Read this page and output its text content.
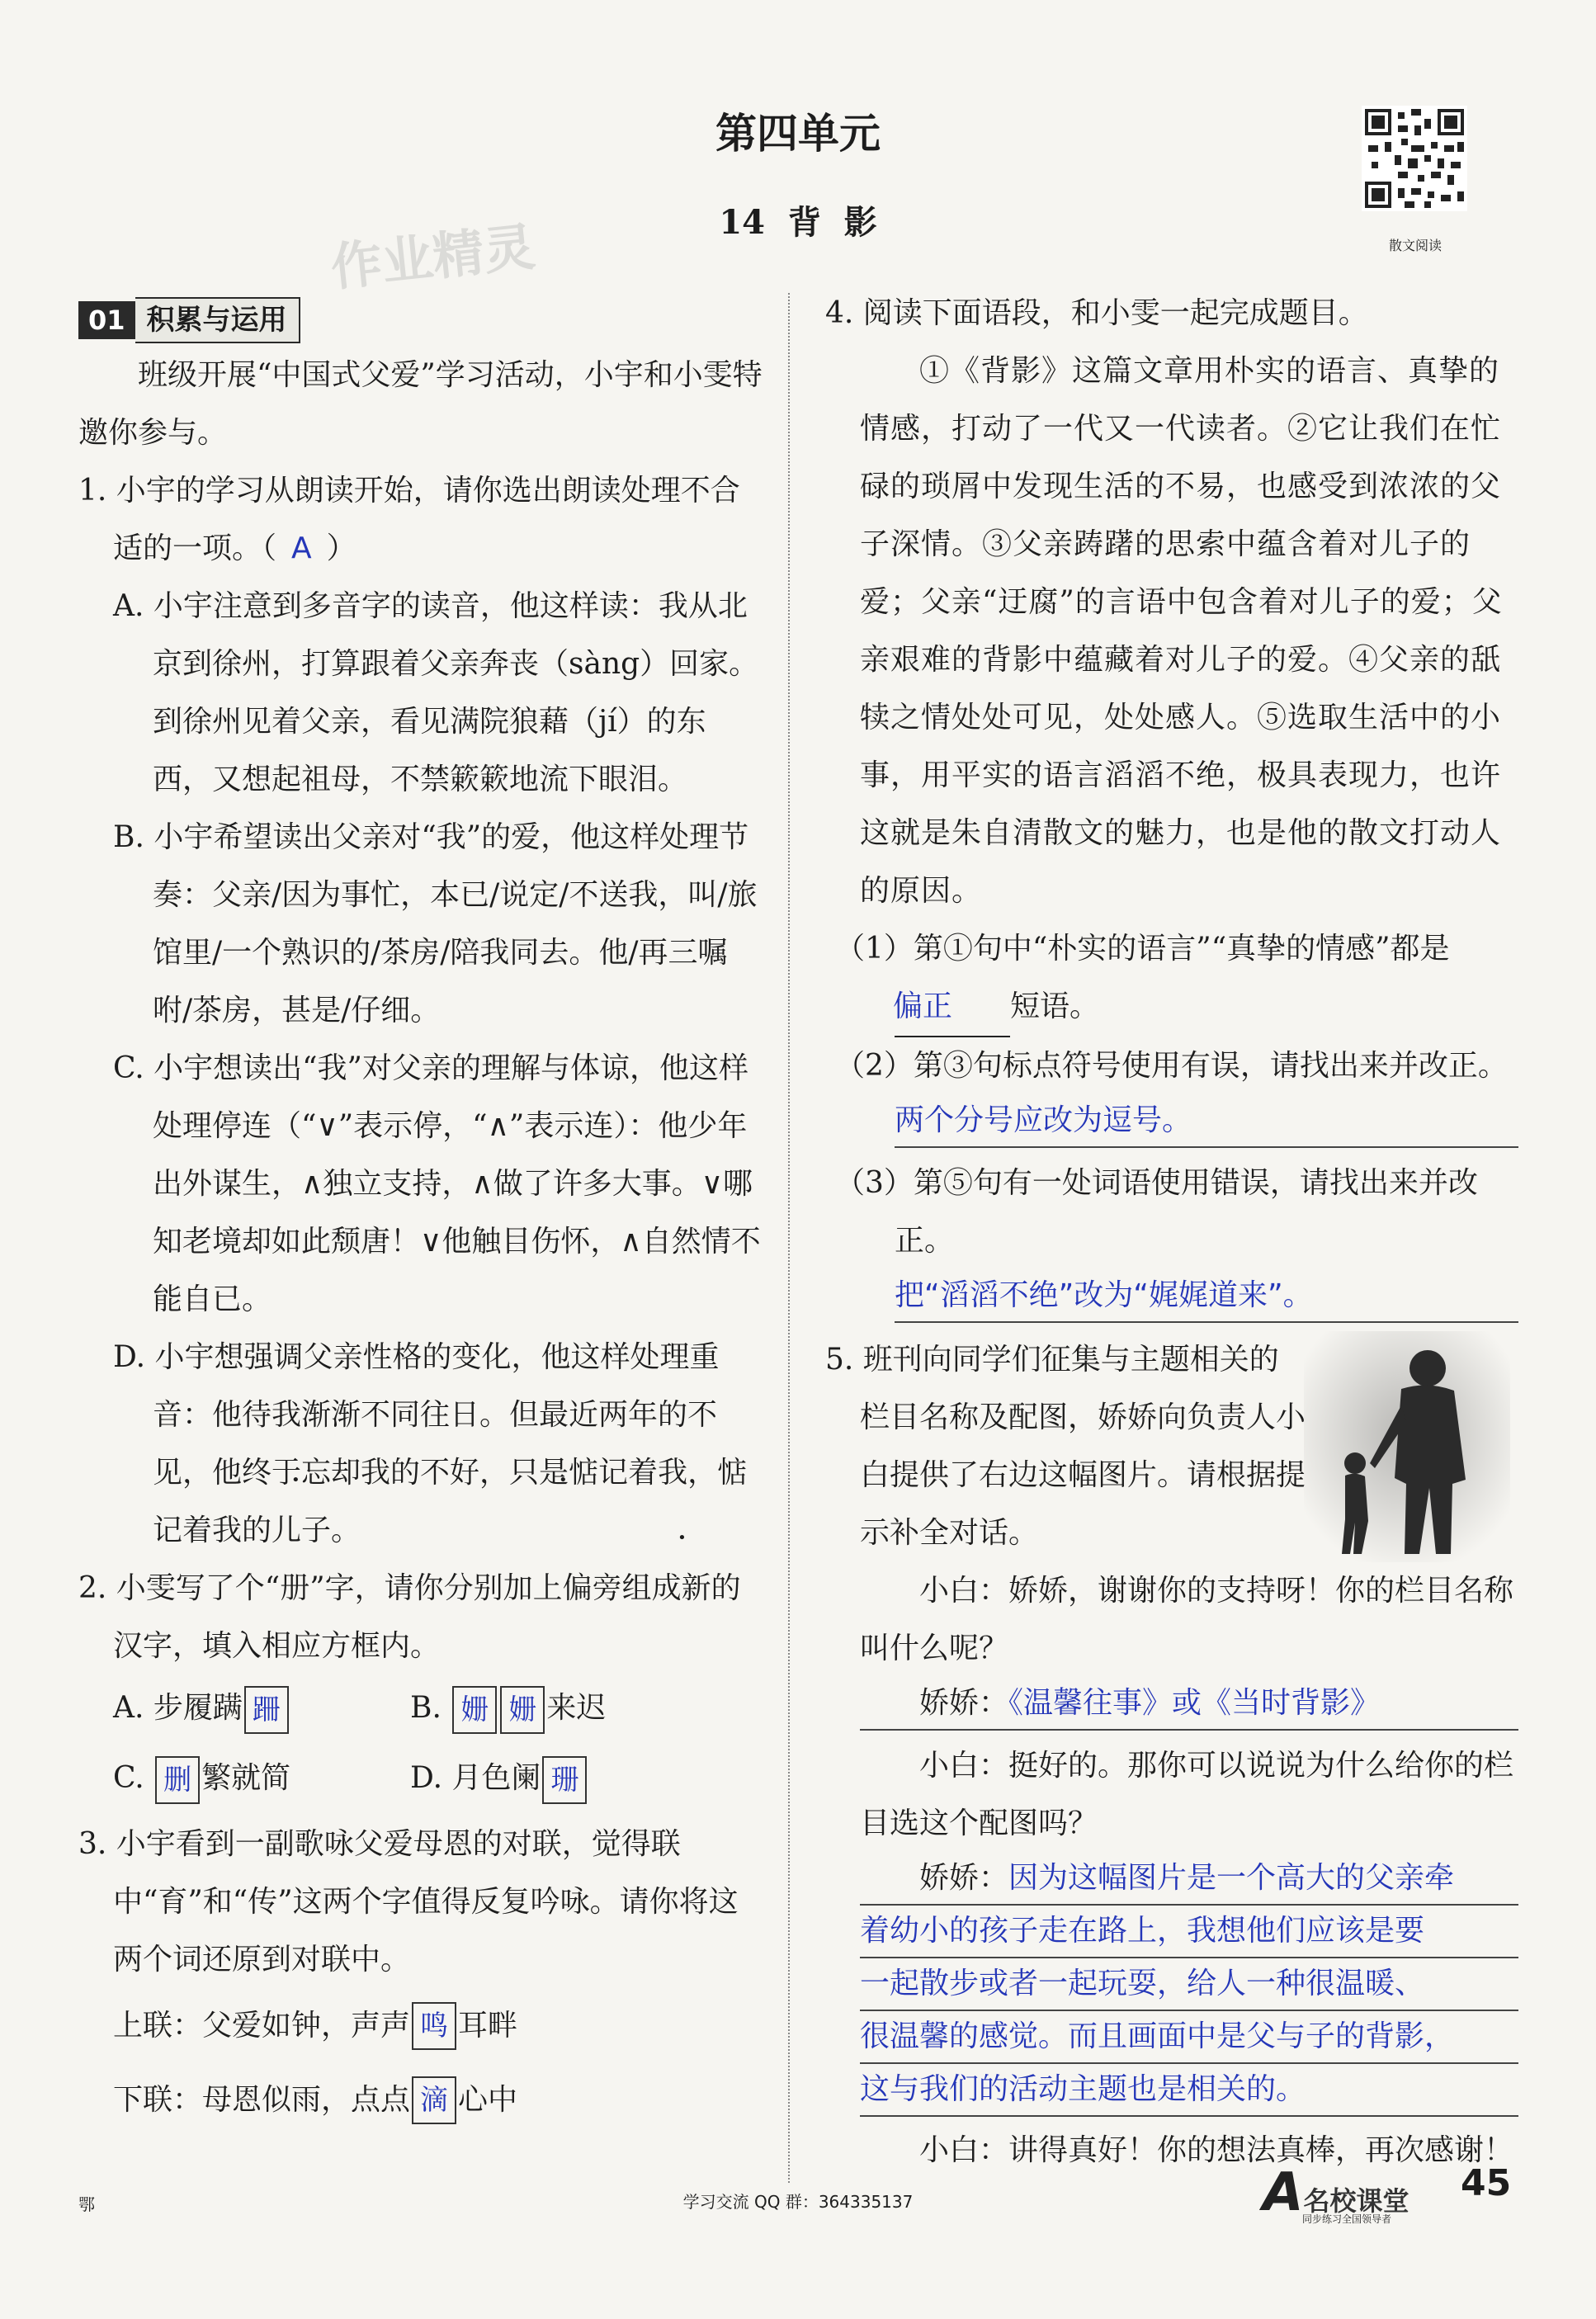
第四单元
14  背  影
作业精灵	散文阅读
01 积累与运用

班级开展“中国式父爱”学习活动，小宇和小雯特邀你参与。

1. 小宇的学习从朗读开始，请你选出朗读处理不合适的一项。（ A ）

A. 小宇注意到多音字的读音，他这样读：我从北京到徐州，打算跟着父亲奔丧（sàng）回家。到徐州见着父亲，看见满院狼藉（jí）的东西，又想起祖母，不禁簌簌地流下眼泪。

B. 小宇希望读出父亲对“我”的爱，他这样处理节奏：父亲/因为事忙，本已/说定/不送我，叫/旅馆里/一个熟识的/茶房/陪我同去。他/再三嘱咐/茶房，甚是/仔细。

C. 小宇想读出“我”对父亲的理解与体谅，他这样处理停连（“∨”表示停，“∧”表示连）：他少年出外谋生，∧独立支持，∧做了许多大事。∨哪知老境却如此颓唐！∨他触目伤怀，∧自然情不能自已。

D. 小宇想强调父亲性格的变化，他这样处理重音：他待我渐渐不同往日。但最近两年的不见，他终于忘却 •我的不好，只是惦记 •着我，惦记着我的儿子。

2. 小雯写了个“册”字，请你分别加上偏旁组成新的汉字，填入相应方框内。

A. 步履蹒 跚	B. 姗 姗 来迟
C. 删 繁就简	D. 月色阑 珊

3. 小宇看到一副歌咏父爱母恩的对联，觉得联中“育”和“传”这两个字值得反复吟咏。请你将这两个词还原到对联中。

上联：父爱如钟，声声 鸣 耳畔
下联：母恩似雨，点点 滴 心中

4. 阅读下面语段，和小雯一起完成题目。

①《背影》这篇文章用朴实的语言、真挚的情感，打动了一代又一代读者。②它让我们在忙碌的琐屑中发现生活的不易，也感受到浓浓的父子深情。③父亲踌躇的思索中蕴含着对儿子的爱；父亲“迂腐”的言语中包含着对儿子的爱；父亲艰难的背影中蕴藏着对儿子的爱。④父亲的舐犊之情处处可见，处处感人。⑤选取生活中的小事，用平实的语言滔滔不绝，极具表现力，也许这就是朱自清散文的魅力，也是他的散文打动人的原因。

（1）第①句中“朴实的语言”“真挚的情感”都是偏正 短语。

（2）第③句标点符号使用有误，请找出来并改正。

两个分号应改为逗号。

（3）第⑤句有一处词语使用错误，请找出来并改正。

把“滔滔不绝”改为“娓娓道来”。

5. 班刊向同学们征集与主题相关的栏目名称及配图，娇娇向负责人小白提供了右边这幅图片。请根据提示补全对话。

小白：娇娇，谢谢你的支持呀！你的栏目名称叫什么呢？

娇娇：《温馨往事》或《当时背影》

小白：挺好的。那你可以说说为什么给你的栏目选这个配图吗？

娇娇：因为这幅图片是一个高大的父亲牵

着幼小的孩子走在路上，我想他们应该是要

一起散步或者一起玩耍，给人一种很温暖、

很温馨的感觉。而且画面中是父与子的背影，

这与我们的活动主题也是相关的。

小白：讲得真好！你的想法真棒，再次感谢！

鄂	学习交流 QQ 群：364335137	A名校课堂
同步练习全国领导者
45
